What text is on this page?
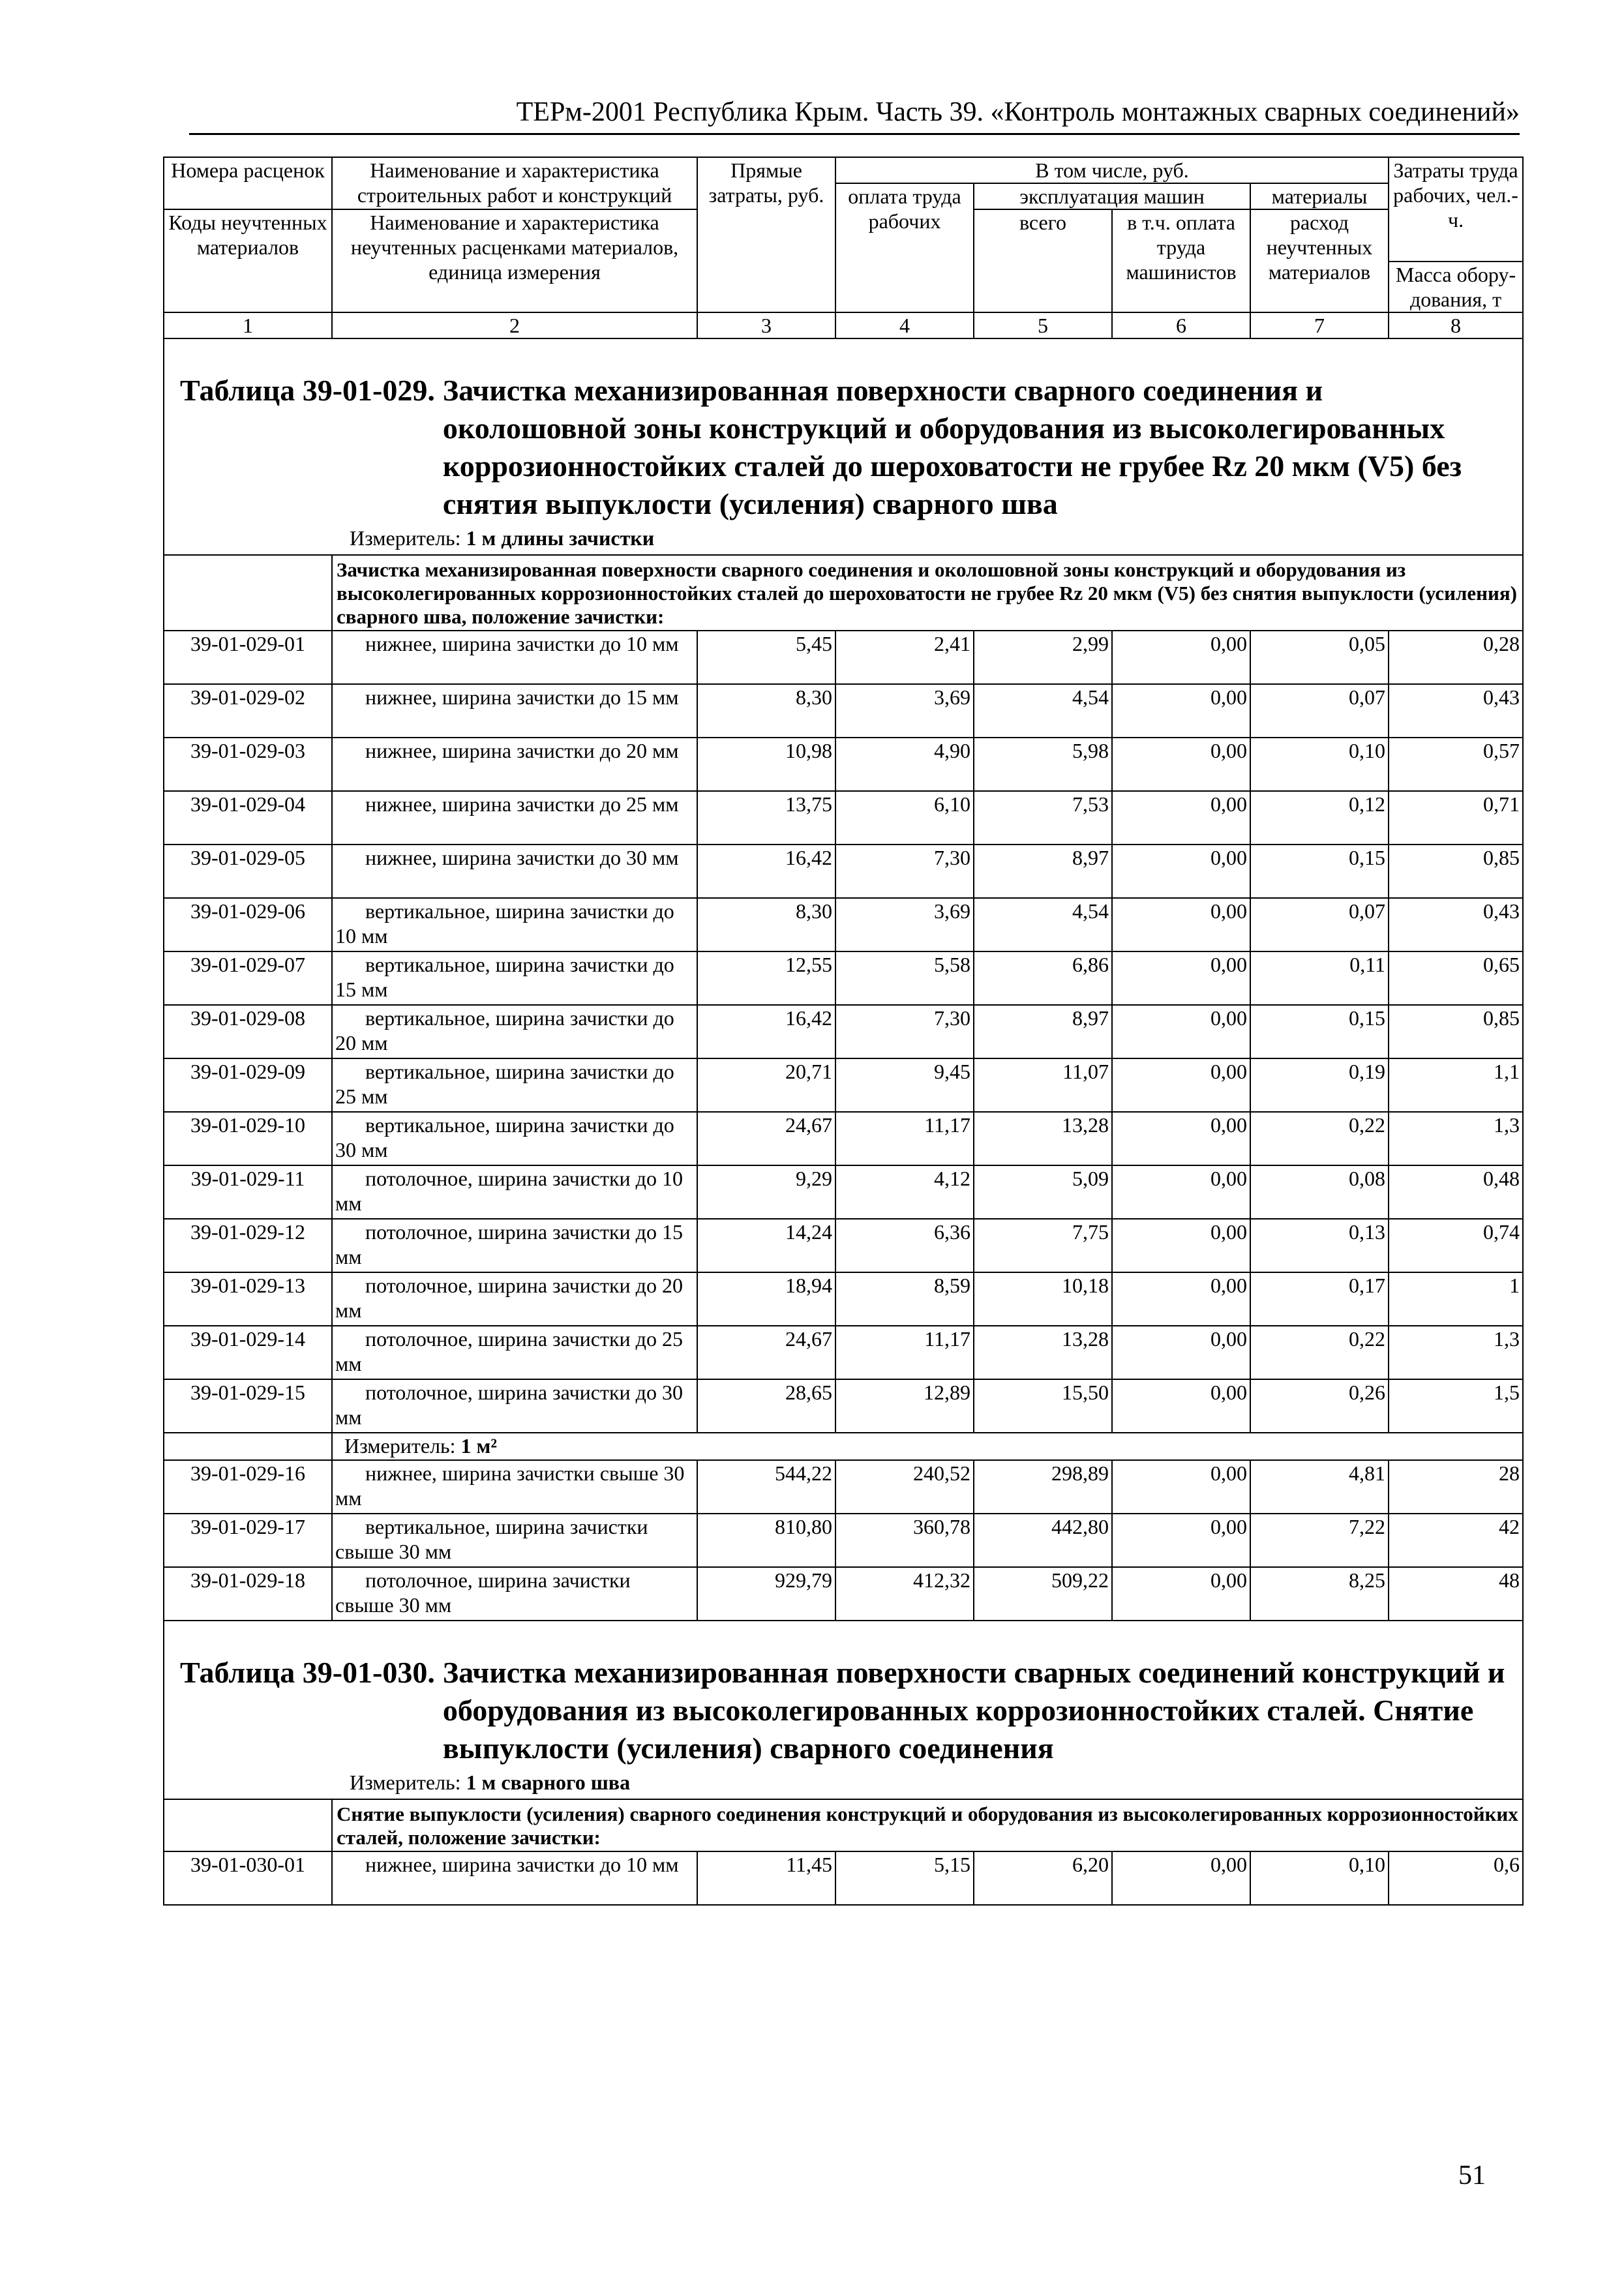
ТЕРм-2001 Республика Крым. Часть 39. «Контроль монтажных сварных соединений»
Номера расценок	Наименование и характеристика строительных работ и конструкций	Прямые затраты, руб.	В том числе, руб.				Затраты труда рабочих, чел.-ч.
			оплата труда рабочих	эксплуатация машин		материалы	
Коды неучтенных материалов	Наименование и характеристика неучтенных расценками материалов, единица измерения			всего	в т.ч. оплата труда машинистов	расход неучтенных материалов	
							Масса обору-дования, т
1	2	3	4	5	6	7	8

Таблица 39-01-029. Зачистка механизированная поверхности сварного соединения и околошовной зоны конструкций и оборудования из высоколегированных коррозионностойких сталей до шероховатости не грубее Rz 20 мкм (V5) без снятия выпуклости (усиления) сварного шва
Измеритель: 1 м длины зачистки							

	Зачистка механизированная поверхности сварного соединения и околошовной зоны конструкций и оборудования из высоколегированных коррозионностойких сталей до шероховатости не грубее Rz 20 мкм (V5) без снятия выпуклости (усиления) сварного шва, положение зачистки:						
39-01-029-01	нижнее, ширина зачистки до 10 мм	5,45	2,41	2,99	0,00	0,05	0,28
39-01-029-02	нижнее, ширина зачистки до 15 мм	8,30	3,69	4,54	0,00	0,07	0,43
39-01-029-03	нижнее, ширина зачистки до 20 мм	10,98	4,90	5,98	0,00	0,10	0,57
39-01-029-04	нижнее, ширина зачистки до 25 мм	13,75	6,10	7,53	0,00	0,12	0,71
39-01-029-05	нижнее, ширина зачистки до 30 мм	16,42	7,30	8,97	0,00	0,15	0,85
39-01-029-06	вертикальное, ширина зачистки до 10 мм	8,30	3,69	4,54	0,00	0,07	0,43
39-01-029-07	вертикальное, ширина зачистки до 15 мм	12,55	5,58	6,86	0,00	0,11	0,65
39-01-029-08	вертикальное, ширина зачистки до 20 мм	16,42	7,30	8,97	0,00	0,15	0,85
39-01-029-09	вертикальное, ширина зачистки до 25 мм	20,71	9,45	11,07	0,00	0,19	1,1
39-01-029-10	вертикальное, ширина зачистки до 30 мм	24,67	11,17	13,28	0,00	0,22	1,3
39-01-029-11	потолочное, ширина зачистки до 10 мм	9,29	4,12	5,09	0,00	0,08	0,48
39-01-029-12	потолочное, ширина зачистки до 15 мм	14,24	6,36	7,75	0,00	0,13	0,74
39-01-029-13	потолочное, ширина зачистки до 20 мм	18,94	8,59	10,18	0,00	0,17	1
39-01-029-14	потолочное, ширина зачистки до 25 мм	24,67	11,17	13,28	0,00	0,22	1,3
39-01-029-15	потолочное, ширина зачистки до 30 мм	28,65	12,89	15,50	0,00	0,26	1,5
	Измеритель: 1 м²						
39-01-029-16	нижнее, ширина зачистки свыше 30 мм	544,22	240,52	298,89	0,00	4,81	28
39-01-029-17	вертикальное, ширина зачистки свыше 30 мм	810,80	360,78	442,80	0,00	7,22	42
39-01-029-18	потолочное, ширина зачистки свыше 30 мм	929,79	412,32	509,22	0,00	8,25	48

Таблица 39-01-030. Зачистка механизированная поверхности сварных соединений конструкций и оборудования из высоколегированных коррозионностойких сталей. Снятие выпуклости (усиления) сварного соединения
Измеритель: 1 м сварного шва							

	Снятие выпуклости (усиления) сварного соединения конструкций и оборудования из высоколегированных коррозионностойких сталей, положение зачистки:						
39-01-030-01	нижнее, ширина зачистки до 10 мм	11,45	5,15	6,20	0,00	0,10	0,6
51
